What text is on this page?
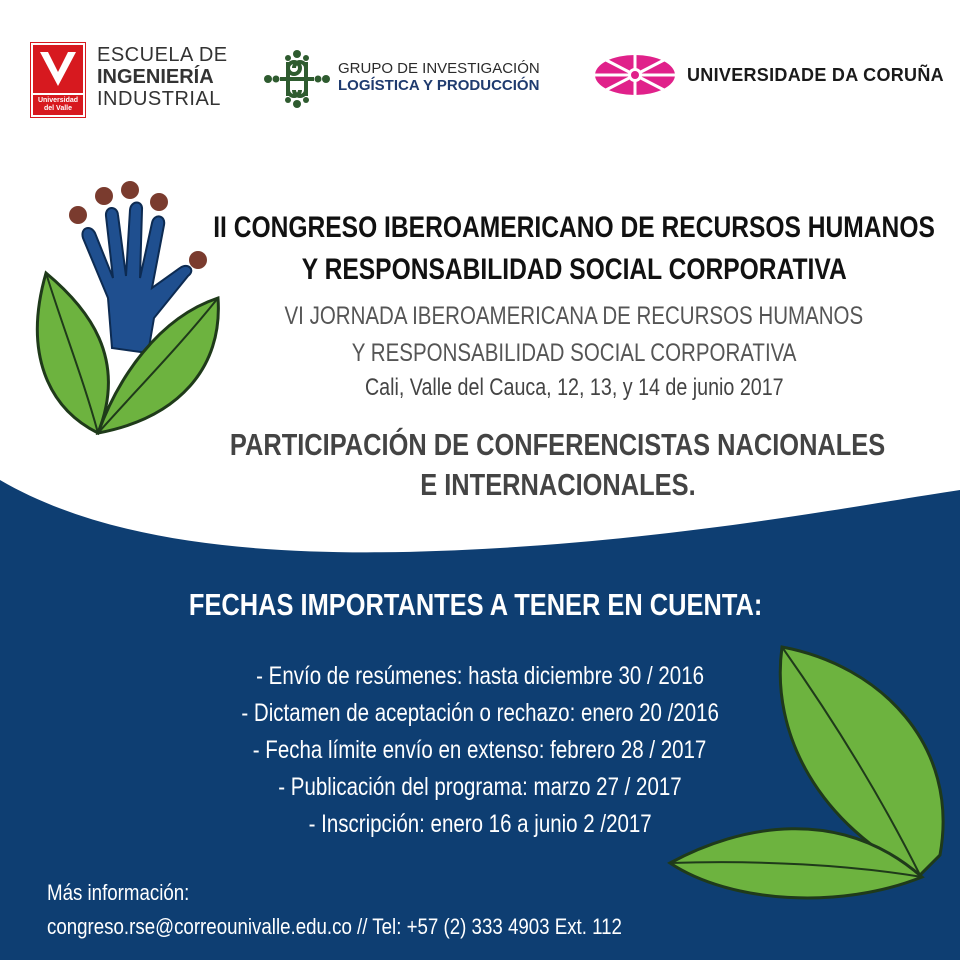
Universidad del Valle
ESCUELA DE
INGENIERÍA
INDUSTRIAL
GRUPO DE INVESTIGACIÓN
LOGÍSTICA Y PRODUCCIÓN
UNIVERSIDADE DA CORUÑA
II CONGRESO IBEROAMERICANO DE RECURSOS HUMANOS
Y RESPONSABILIDAD SOCIAL CORPORATIVA
VI JORNADA IBEROAMERICANA DE RECURSOS HUMANOS
Y RESPONSABILIDAD SOCIAL CORPORATIVA
Cali, Valle del Cauca, 12, 13, y 14 de junio 2017
PARTICIPACIÓN DE CONFERENCISTAS NACIONALES
E INTERNACIONALES.
FECHAS IMPORTANTES A TENER EN CUENTA:
- Envío de resúmenes: hasta diciembre 30 / 2016
- Dictamen de aceptación o rechazo: enero 20 /2016
- Fecha límite envío en extenso: febrero 28 / 2017
- Publicación del programa: marzo 27 / 2017
- Inscripción: enero 16 a junio 2 /2017
Más información:
congreso.rse@correounivalle.edu.co // Tel: +57 (2) 333 4903 Ext. 112
